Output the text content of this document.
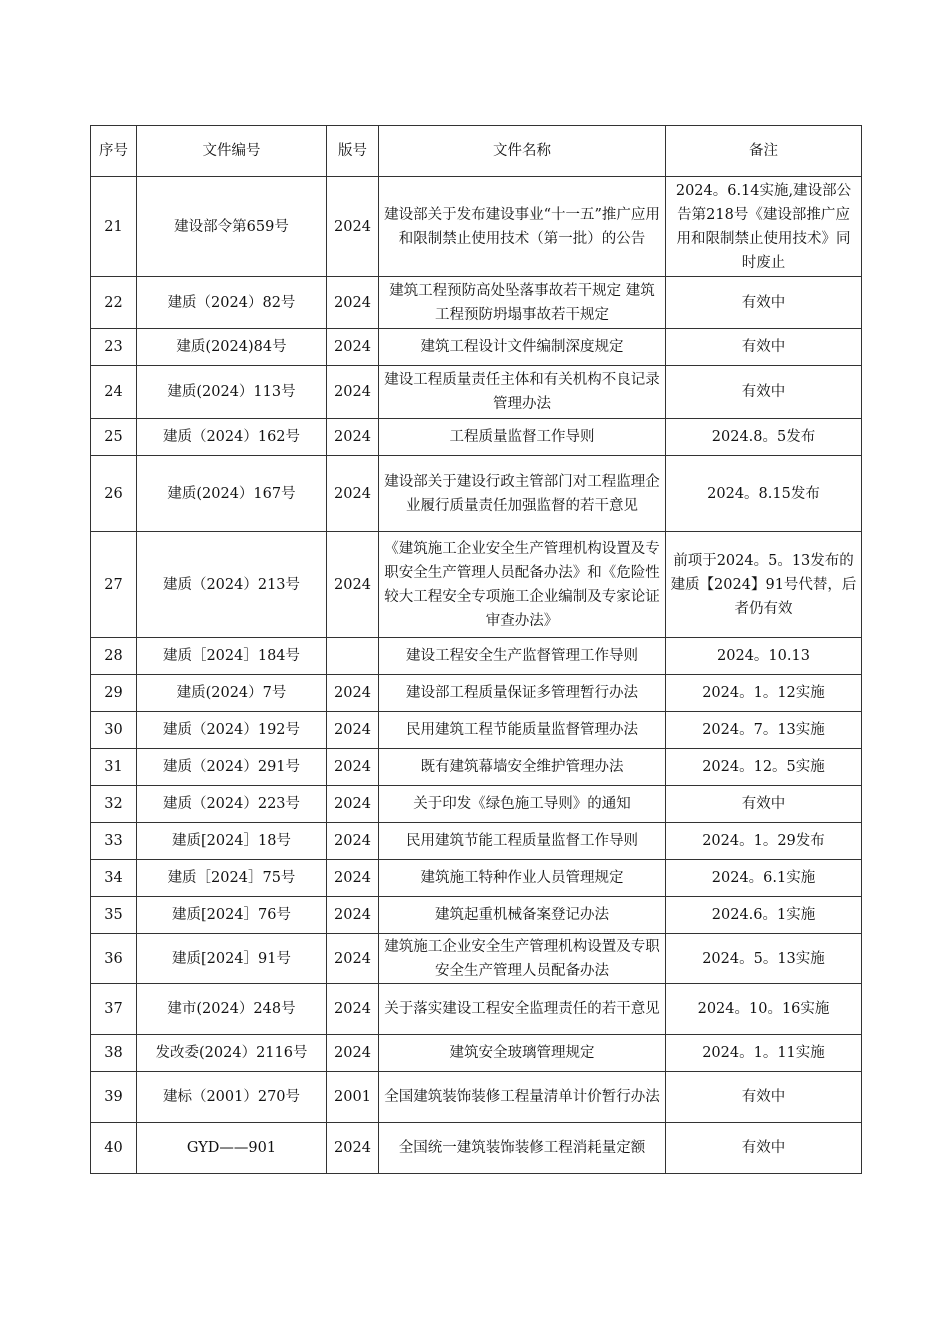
序号	文件编号	版号	文件名称	备注
21	建设部令第659号	2024	建设部关于发布建设事业“十一五”推广应用和限制禁止使用技术（第一批）的公告	2024。6.14实施,建设部公告第218号《建设部推广应用和限制禁止使用技术》同时废止
22	建质（2024）82号	2024	建筑工程预防高处坠落事故若干规定 建筑工程预防坍塌事故若干规定	有效中
23	建质(2024)84号	2024	建筑工程设计文件编制深度规定	有效中
24	建质(2024）113号	2024	建设工程质量责任主体和有关机构不良记录管理办法	有效中
25	建质（2024）162号	2024	工程质量监督工作导则	2024.8。5发布
26	建质(2024）167号	2024	建设部关于建设行政主管部门对工程监理企业履行质量责任加强监督的若干意见	2024。8.15发布
27	建质（2024）213号	2024	《建筑施工企业安全生产管理机构设置及专职安全生产管理人员配备办法》和《危险性较大工程安全专项施工企业编制及专家论证审查办法》	前项于2024。5。13发布的建质【2024】91号代替，后者仍有效
28	建质［2024］184号		建设工程安全生产监督管理工作导则	2024。10.13
29	建质(2024）7号	2024	建设部工程质量保证多管理暂行办法	2024。1。12实施
30	建质（2024）192号	2024	民用建筑工程节能质量监督管理办法	2024。7。13实施
31	建质（2024）291号	2024	既有建筑幕墙安全维护管理办法	2024。12。5实施
32	建质（2024）223号	2024	关于印发《绿色施工导则》的通知	有效中
33	建质[2024］18号	2024	民用建筑节能工程质量监督工作导则	2024。1。29发布
34	建质［2024］75号	2024	建筑施工特种作业人员管理规定	2024。6.1实施
35	建质[2024］76号	2024	建筑起重机械备案登记办法	2024.6。1实施
36	建质[2024］91号	2024	建筑施工企业安全生产管理机构设置及专职安全生产管理人员配备办法	2024。5。13实施
37	建市(2024）248号	2024	关于落实建设工程安全监理责任的若干意见	2024。10。16实施
38	发改委(2024）2116号	2024	建筑安全玻璃管理规定	2024。1。11实施
39	建标（2001）270号	2001	全国建筑装饰装修工程量清单计价暂行办法	有效中
40	GYD——901	2024	全国统一建筑装饰装修工程消耗量定额	有效中
